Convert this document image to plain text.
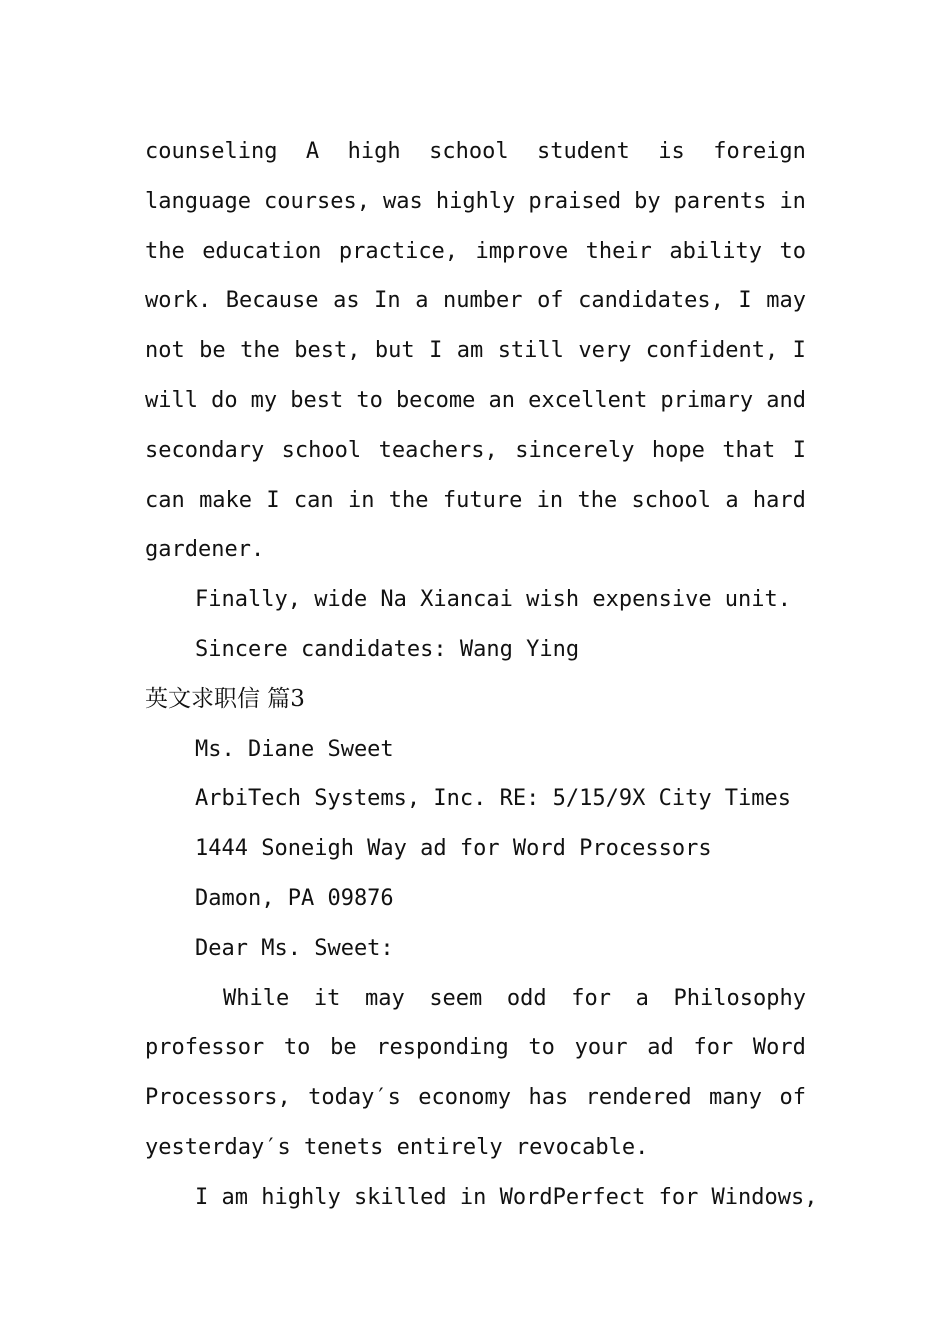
counseling A high school student is foreign
language courses, was highly praised by parents in
the education practice, improve their ability to
work. Because as In a number of candidates, I may
not be the best, but I am still very confident, I
will do my best to become an excellent primary and
secondary school teachers, sincerely hope that I
can make I can in the future in the school a hard
gardener.
Finally, wide Na Xiancai wish expensive unit.
Sincere candidates: Wang Ying
英文求职信 篇3
Ms. Diane Sweet
ArbiTech Systems, Inc. RE: 5/15/9X City Times
1444 Soneigh Way ad for Word Processors
Damon, PA 09876
Dear Ms. Sweet:
While it may seem odd for a Philosophy
professor to be responding to your ad for Word
Processors, today′s economy has rendered many of
yesterday′s tenets entirely revocable.
I am highly skilled in WordPerfect for Windows,
